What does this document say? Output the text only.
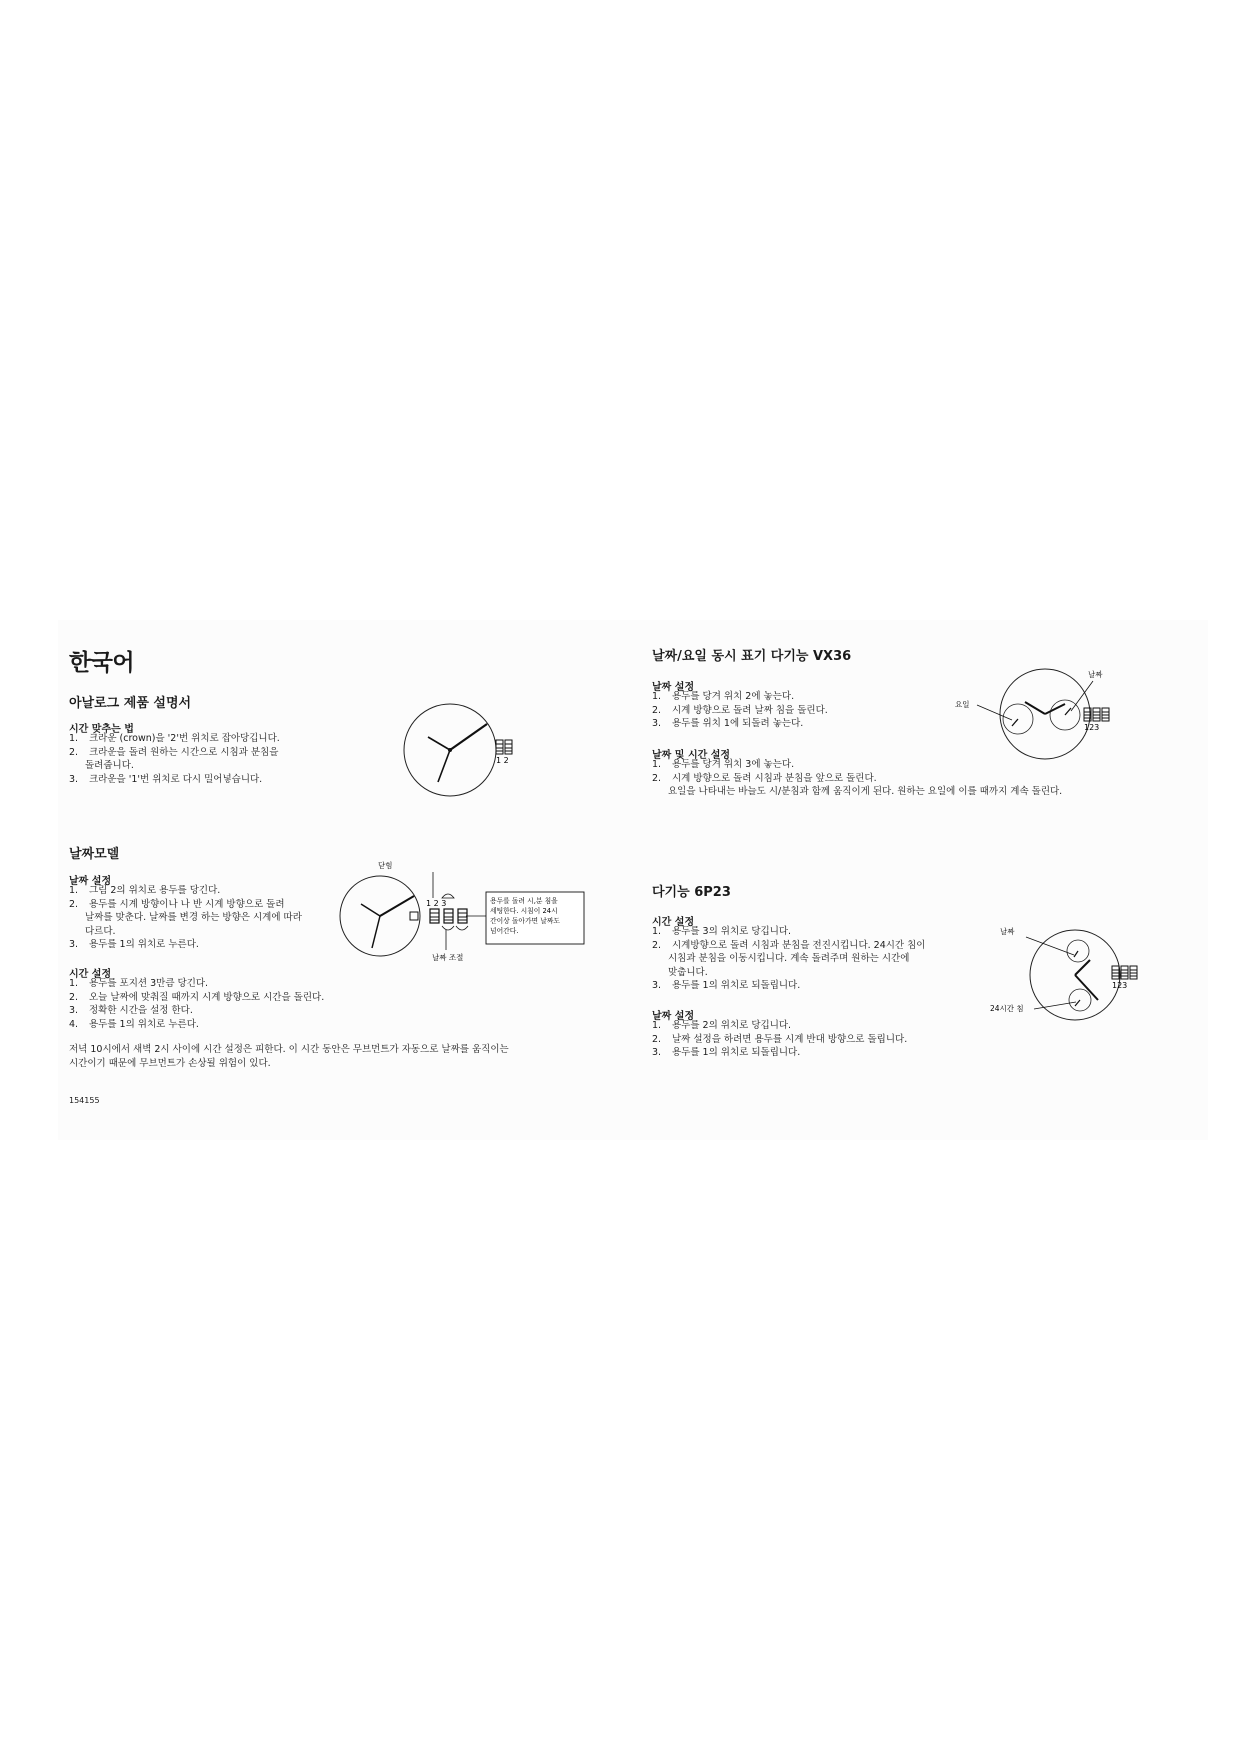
한국어
아날로그 제품 설명서
시간 맞추는 법
1. 크라운 (crown)을 '2'번 위치로 잡아당깁니다.
2. 크라운을 돌려 원하는 시간으로 시침과 분침을
돌려줍니다.
3. 크라운을 '1'번 위치로 다시 밀어넣습니다.
1 2
날짜모델
날짜 설정
1. 그림 2의 위치로 용두를 당긴다.
2. 용두를 시계 방향이나 나 반 시계 방향으로 돌려
날짜를 맞춘다. 날짜를 변경 하는 방향은 시계에 따라
다르다.
3. 용두를 1의 위치로 누른다.
시간 설정
1. 용두를 포지션 3만큼 당긴다.
2. 오늘 날짜에 맞춰질 때까지 시계 방향으로 시간을 돌린다.
3. 정확한 시간을 설정 한다.
4. 용두를 1의 위치로 누른다.
저녁 10시에서 새벽 2시 사이에 시간 설정은 피한다. 이 시간 동안은 무브먼트가 자동으로 날짜를 움직이는
시간이기 때문에 무브먼트가 손상될 위험이 있다.
154155
닫힘
1 2 3
날짜 조절
용두를 돌려 시,분 침을
세팅한다. 시침이 24시
간이상 돌아가면 날짜도
넘어간다.
날짜/요일 동시 표기 다기능 VX36
날짜 설정
1. 용두를 당겨 위치 2에 놓는다.
2. 시계 방향으로 돌려 날짜 침을 돌린다.
3. 용두를 위치 1에 되돌려 놓는다.
날짜 및 시간 설정
1. 용두를 당겨 위치 3에 놓는다.
2. 시계 방향으로 돌려 시침과 분침을 앞으로 돌린다.
요일을 나타내는 바늘도 시/분침과 함께 움직이게 된다. 원하는 요일에 이를 때까지 계속 돌린다.
요일
날짜
123
다기능 6P23
시간 설정
1. 용두를 3의 위치로 당깁니다.
2. 시계방향으로 돌려 시침과 분침을 전진시킵니다. 24시간 침이
시침과 분침을 이동시킵니다. 계속 돌려주며 원하는 시간에
맞춥니다.
3. 용두를 1의 위치로 되돌립니다.
날짜 설정
1. 용두를 2의 위치로 당깁니다.
2. 날짜 설정을 하려면 용두를 시계 반대 방향으로 돌립니다.
3. 용두를 1의 위치로 되돌립니다.
날짜
24시간 침
123
